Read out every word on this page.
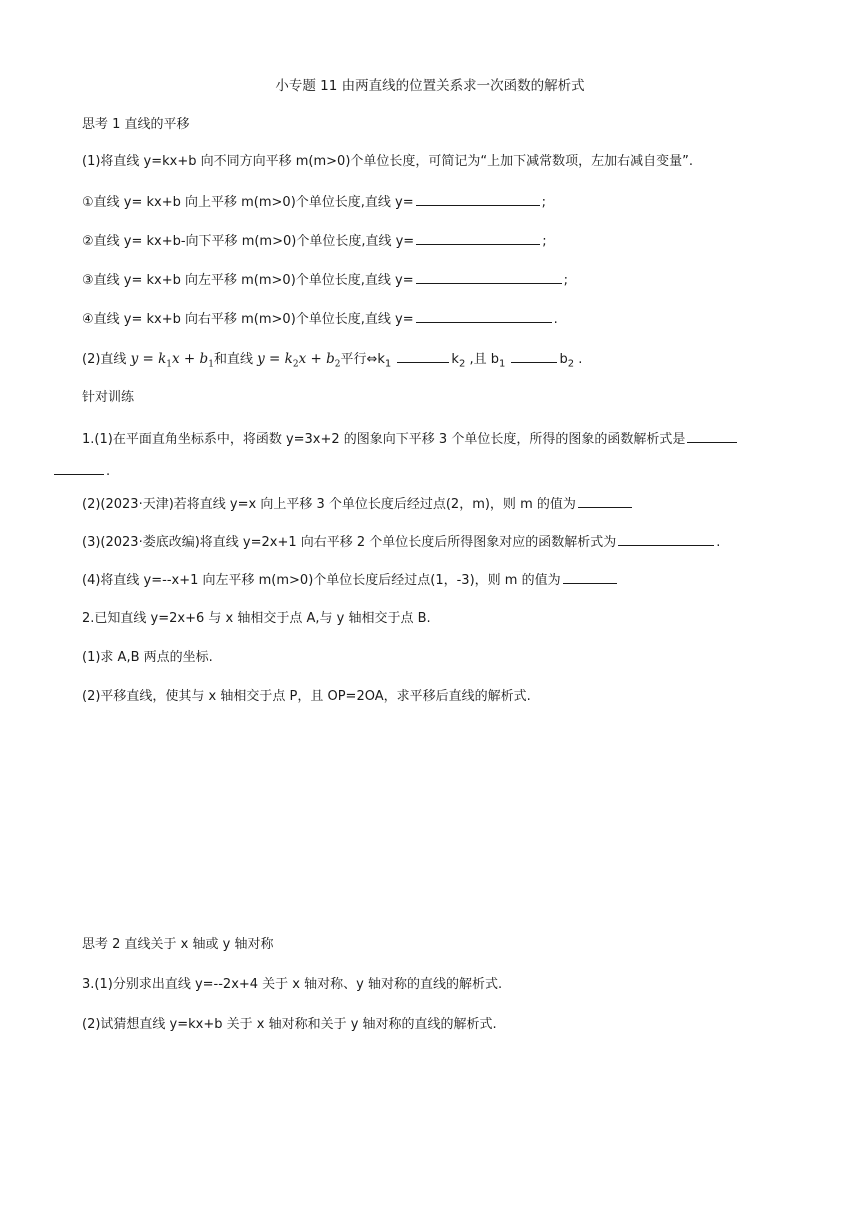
小专题 11 由两直线的位置关系求一次函数的解析式
思考 1 直线的平移
(1)将直线 y=kx+b 向不同方向平移 m(m>0)个单位长度，可简记为“上加下减常数项，左加右减自变量”.
①直线 y= kx+b 向上平移 m(m>0)个单位长度,直线 y=	;
②直线 y= kx+b-向下平移 m(m>0)个单位长度,直线 y=	;
③直线 y= kx+b 向左平移 m(m>0)个单位长度,直线 y=	;
④直线 y= kx+b 向右平移 m(m>0)个单位长度,直线 y=	.
(2)直线 $y = k_1x + b_1$和直线 $y = k_2x + b_2$平行$\Leftrightarrow k_1$	$k_2$ ,且 $b_1$	$b_2$ .
针对训练
1.(1)在平面直角坐标系中，将函数 y=3x+2 的图象向下平移 3 个单位长度，所得的图象的函数解析式是
.
(2)(2023·天津)若将直线 y=x 向上平移 3 个单位长度后经过点(2，m)，则 m 的值为
(3)(2023·娄底改编)将直线 y=2x+1 向右平移 2 个单位长度后所得图象对应的函数解析式为	.
(4)将直线 y=--x+1 向左平移 m(m>0)个单位长度后经过点(1，-3)，则 m 的值为
2.已知直线 y=2x+6 与 x 轴相交于点 A,与 y 轴相交于点 B.
(1)求 A,B 两点的坐标.
(2)平移直线，使其与 x 轴相交于点 P，且 OP=2OA，求平移后直线的解析式.
思考 2 直线关于 x 轴或 y 轴对称
3.(1)分别求出直线 y=--2x+4 关于 x 轴对称、y 轴对称的直线的解析式.
(2)试猜想直线 y=kx+b 关于 x 轴对称和关于 y 轴对称的直线的解析式.
